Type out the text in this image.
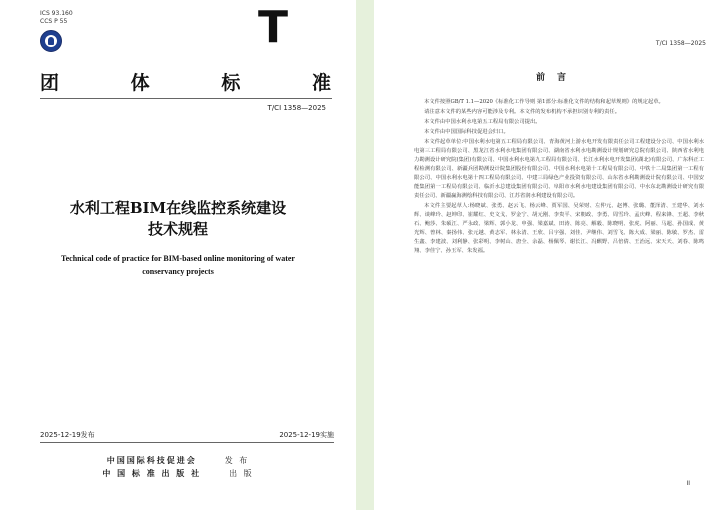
ICS 93.160
CCS P 55	T
团	体	标	准
T/CI 1358—2025
水利工程BIM在线监控系统建设
技术规程
Technical code of practice for BIM-based online monitoring of water
conservancy projects
2025-12-19发布	2025-12-19实施
中国国际科技促进会	发 布
中 国 标 准 出 版 社	出 版
T/CI 1358—2025
前言

本文件按照GB/T 1.1—2020《标准化工作导则 第1部分:标准化文件的结构和起草规则》的规定起草。

请注意本文件的某些内容可能涉及专利。本文件的发布机构不承担识别专利的责任。

本文件由中国水利水电第五工程局有限公司提出。

本文件由中国国际科技促进会归口。

本文件起草单位:中国水利水电第五工程局有限公司、青海黄河上游水电开发有限责任公司工程建设分公司、中国水利水电第三工程局有限公司、黑龙江省水利水电集团有限公司、湖南省水利水电勘测设计规划研究总院有限公司、陕西省水利电力勘测设计研究院(集团)有限公司、中国水利水电第九工程局有限公司、长江水利水电开发集团(湖北)有限公司、广东科正工程检测有限公司、新疆兵团勘测设计院集团股份有限公司、中国水利水电第十工程局有限公司、中铁十二局集团第一工程有限公司、中国水利水电第十四工程局有限公司、中建三局绿色产业投资有限公司、山东省水利勘测设计院有限公司、中国安能集团第一工程局有限公司、临沂水总建设集团有限公司、阜阳市水利水电建设集团有限公司、中水东北勘测设计研究有限责任公司、新疆赢海测绘科技有限公司、江苏省润水利建设有限公司。

本文件主要起草人:杨晓斌、张勇、赵云飞、杨云峰、贾军国、吴荣财、左仲元、赵博、张璐、董泽清、王建华、刘水辉、谈峰玲、赵坤印、崔耀红、史文戈、罗金宁、胡元刚、李贵平、宋朝政、李勇、周雪玲、孟庆峰、程来锋、王超、李秋石、鲍莎、朱硕江、严永政、梁辉、郭小龙、申强、梁嘉斌、田涛、陈亮、解毅、陈晓明、张虎、阿丽、马超、孙国成、黄光辉、曾林、秦扬伟、张元越、黄志军、林永清、王欣、吕宇强、刘佳、尹继伟、刘雪飞、陈大成、梁丽、陈敏、罗杰、雷生鑫、李建波、刘利静、张彩明、李树山、唐全、余磊、杨佩琴、谢长江、冯麒野、吕倍倩、王治远、宋天天、刘春、陈鸣翔、李佳宁、孙玉军、朱发福。

II
